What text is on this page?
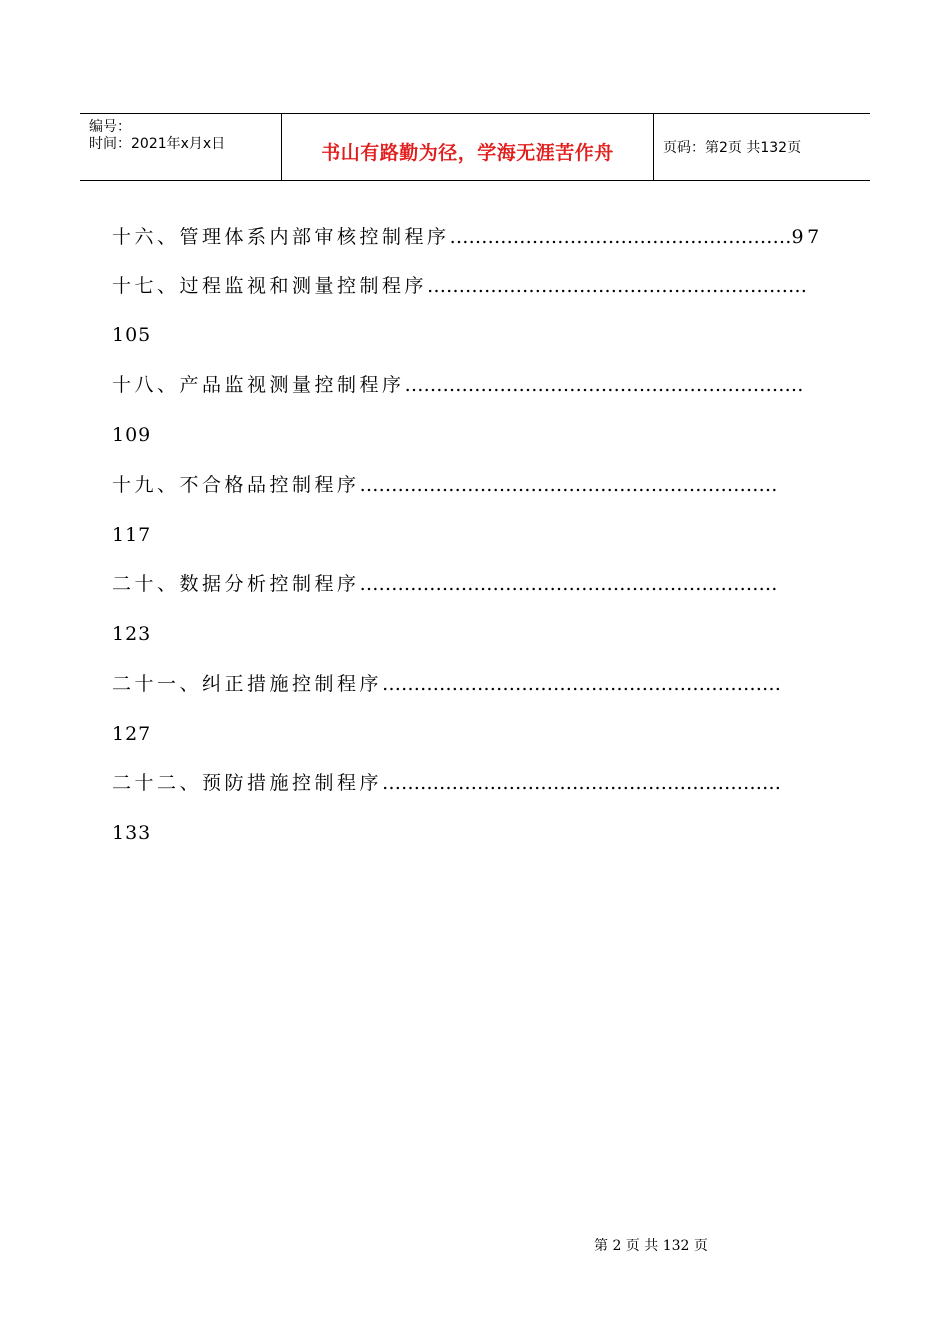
编号：
时间：2021年x月x日	书山有路勤为径，学海无涯苦作舟	页码：第2页 共132页
十六、管理体系内部审核控制程序………………………………………………97
十七、过程监视和测量控制程序……………………………………………………
105
十八、产品监视测量控制程序………………………………………………………
109
十九、不合格品控制程序…………………………………………………………
117
二十、数据分析控制程序…………………………………………………………
123
二十一、纠正措施控制程序………………………………………………………
127
二十二、预防措施控制程序………………………………………………………
133
第 2 页 共 132 页
